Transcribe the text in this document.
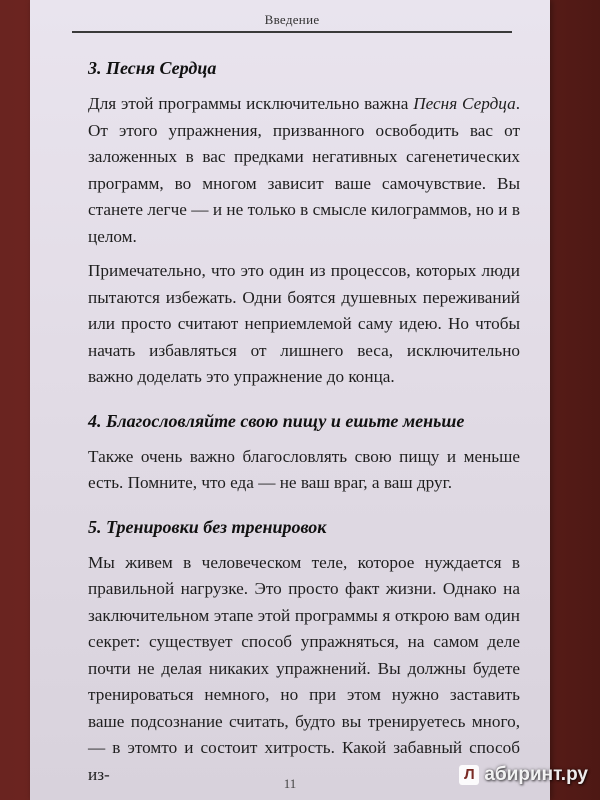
Введение
3. Песня Сердца

Для этой программы исключительно важна Песня Сердца. От этого упражнения, призванного освободить вас от заложенных в вас предками негативных сагенетических программ, во многом зависит ваше самочувствие. Вы станете легче — и не только в смысле килограммов, но и в целом.

Примечательно, что это один из процессов, которых люди пытаются избежать. Одни боятся душевных переживаний или просто считают неприемлемой саму идею. Но чтобы начать избавляться от лишнего веса, исключительно важно доделать это упражнение до конца.

4. Благословляйте свою пищу и ешьте меньше

Также очень важно благословлять свою пищу и меньше есть. Помните, что еда — не ваш враг, а ваш друг.

5. Тренировки без тренировок

Мы живем в человеческом теле, которое нуждается в правильной нагрузке. Это просто факт жизни. Однако на заключительном этапе этой программы я открою вам один секрет: существует способ упражняться, на самом деле почти не делая никаких упражнений. Вы должны будете тренироваться немного, но при этом нужно заставить ваше подсознание считать, будто вы тренируетесь много, — в этомто и состоит хитрость. Какой забавный способ из-	11
Л абиринт.ру
